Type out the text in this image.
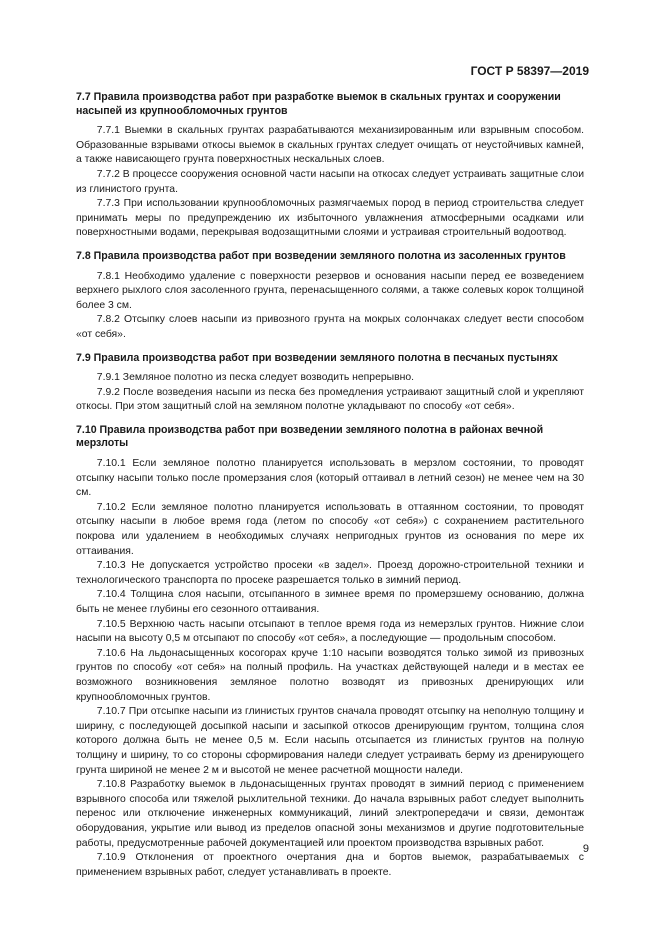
ГОСТ Р 58397—2019
7.7 Правила производства работ при разработке выемок в скальных грунтах и сооружении насыпей из крупнообломочных грунтов

7.7.1 Выемки в скальных грунтах разрабатываются механизированным или взрывным способом. Образованные взрывами откосы выемок в скальных грунтах следует очищать от неустойчивых камней, а также нависающего грунта поверхностных нескальных слоев.

7.7.2 В процессе сооружения основной части насыпи на откосах следует устраивать защитные слои из глинистого грунта.

7.7.3 При использовании крупнообломочных размягчаемых пород в период строительства следует принимать меры по предупреждению их избыточного увлажнения атмосферными осадками или поверхностными водами, перекрывая водозащитными слоями и устраивая строительный водоотвод.

7.8 Правила производства работ при возведении земляного полотна из засоленных грунтов

7.8.1 Необходимо удаление с поверхности резервов и основания насыпи перед ее возведением верхнего рыхлого слоя засоленного грунта, перенасыщенного солями, а также солевых корок толщиной более 3 см.

7.8.2 Отсыпку слоев насыпи из привозного грунта на мокрых солончаках следует вести способом «от себя».

7.9 Правила производства работ при возведении земляного полотна в песчаных пустынях

7.9.1 Земляное полотно из песка следует возводить непрерывно.

7.9.2 После возведения насыпи из песка без промедления устраивают защитный слой и укрепляют откосы. При этом защитный слой на земляном полотне укладывают по способу «от себя».

7.10 Правила производства работ при возведении земляного полотна в районах вечной мерзлоты

7.10.1 Если земляное полотно планируется использовать в мерзлом состоянии, то проводят отсыпку насыпи только после промерзания слоя (который оттаивал в летний сезон) не менее чем на 30 см.

7.10.2 Если земляное полотно планируется использовать в оттаянном состоянии, то проводят отсыпку насыпи в любое время года (летом по способу «от себя») с сохранением растительного покрова или удалением в необходимых случаях непригодных грунтов из основания по мере их оттаивания.

7.10.3 Не допускается устройство просеки «в задел». Проезд дорожно-строительной техники и технологического транспорта по просеке разрешается только в зимний период.

7.10.4 Толщина слоя насыпи, отсыпанного в зимнее время по промерзшему основанию, должна быть не менее глубины его сезонного оттаивания.

7.10.5 Верхнюю часть насыпи отсыпают в теплое время года из немерзлых грунтов. Нижние слои насыпи на высоту 0,5 м отсыпают по способу «от себя», а последующие — продольным способом.

7.10.6 На льдонасыщенных косогорах круче 1:10 насыпи возводятся только зимой из привозных грунтов по способу «от себя» на полный профиль. На участках действующей наледи и в местах ее возможного возникновения земляное полотно возводят из привозных дренирующих или крупнообломочных грунтов.

7.10.7 При отсыпке насыпи из глинистых грунтов сначала проводят отсыпку на неполную толщину и ширину, с последующей досыпкой насыпи и засыпкой откосов дренирующим грунтом, толщина слоя которого должна быть не менее 0,5 м. Если насыпь отсыпается из глинистых грунтов на полную толщину и ширину, то со стороны сформирования наледи следует устраивать берму из дренирующего грунта шириной не менее 2 м и высотой не менее расчетной мощности наледи.

7.10.8 Разработку выемок в льдонасыщенных грунтах проводят в зимний период с применением взрывного способа или тяжелой рыхлительной техники. До начала взрывных работ следует выполнить перенос или отключение инженерных коммуникаций, линий электропередачи и связи, демонтаж оборудования, укрытие или вывод из пределов опасной зоны механизмов и другие подготовительные работы, предусмотренные рабочей документацией или проектом производства взрывных работ.

7.10.9 Отклонения от проектного очертания дна и бортов выемок, разрабатываемых с применением взрывных работ, следует устанавливать в проекте.

9
